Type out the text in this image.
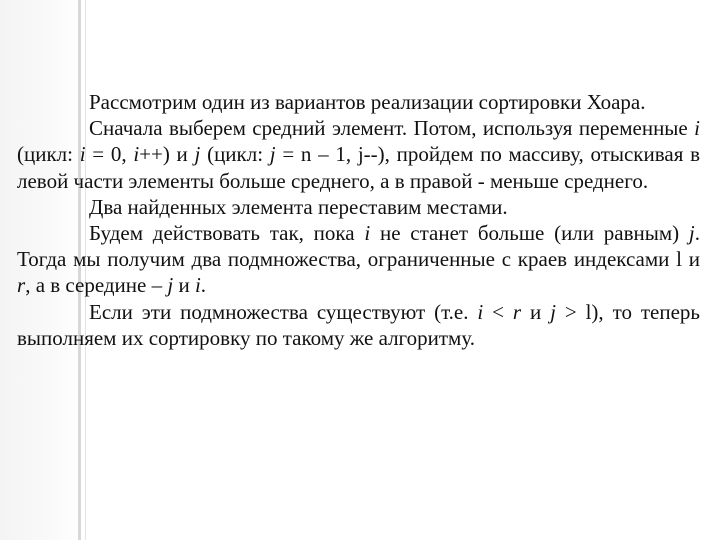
Рассмотрим один из вариантов реализации сортировки Хоара.

Сначала выберем средний элемент. Потом, используя переменные i (цикл: i = 0, i++) и j (цикл: j = n – 1, j--), пройдем по массиву, отыскивая в левой части элементы больше среднего, а в правой - меньше среднего.

Два найденных элемента переставим местами.

Будем действовать так, пока i не станет больше (или равным) j. Тогда мы получим два подмножества, ограниченные с краев индексами l и r, а в середине – j и i.

Если эти подмножества существуют (т.е. i < r и j > l), то теперь выполняем их сортировку по такому же алгоритму.
